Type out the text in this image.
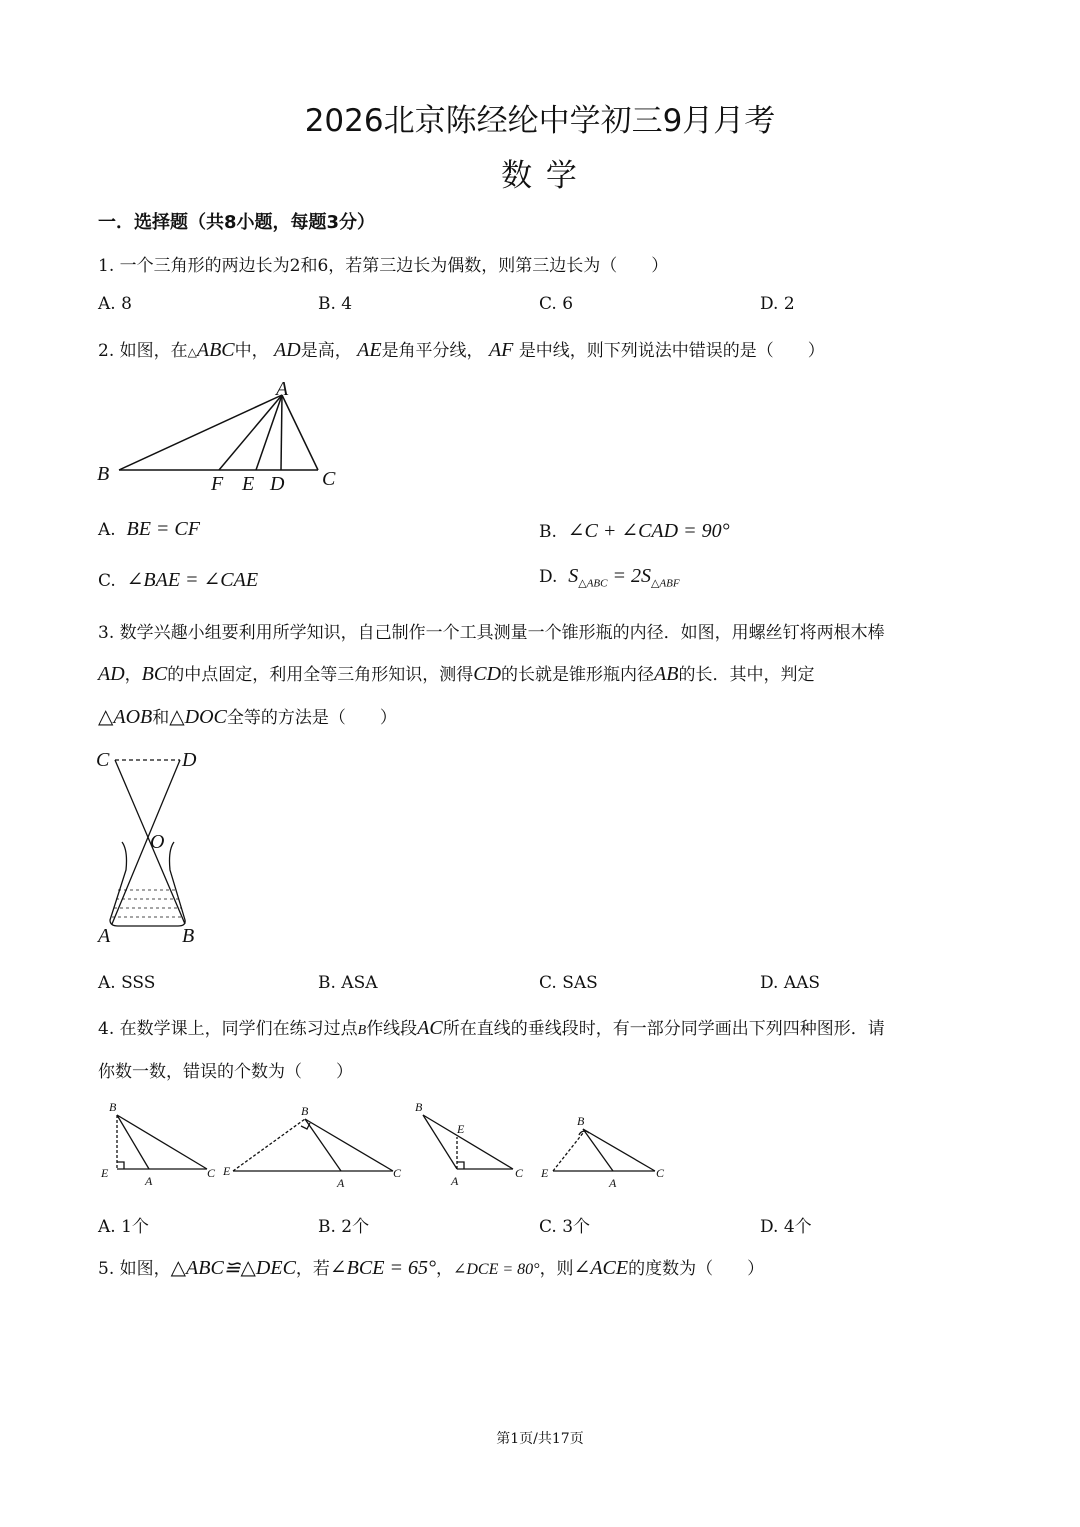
2026北京陈经纶中学初三9月月考
数 学
一．选择题（共8小题，每题3分）
1. 一个三角形的两边长为2和6，若第三边长为偶数，则第三边长为（　　）
A. 8	B. 4	C. 6	D. 2
2. 如图，在△ABC中， AD是高， AE是角平分线， AF 是中线，则下列说法中错误的是（　　）
A
B	F E D C
A. BE = CF	B. ∠C + ∠CAD = 90°
C. ∠BAE = ∠CAE	D. $S_{\triangle ABC} = 2S_{\triangle ABF}$
3. 数学兴趣小组要利用所学知识，自己制作一个工具测量一个锥形瓶的内径．如图，用螺丝钉将两根木棒
AD，BC的中点固定，利用全等三角形知识，测得CD的长就是锥形瓶内径AB的长．其中，判定
△AOB和△DOC全等的方法是（　　）
C	D
O
A	B
A. SSS	B. ASA	C. SAS	D. AAS
4. 在数学课上，同学们在练习过点B作线段AC所在直线的垂线段时，有一部分同学画出下列四种图形．请
你数一数，错误的个数为（　　）
B
E
A
C
B
E
A
C
B
E
A
C
B
E
A
C
A. 1个	B. 2个	C. 3个	D. 4个
5. 如图，△ABC≌△DEC，若∠BCE = 65°，∠DCE = 80°，则∠ACE的度数为（　　）
第1页/共17页
